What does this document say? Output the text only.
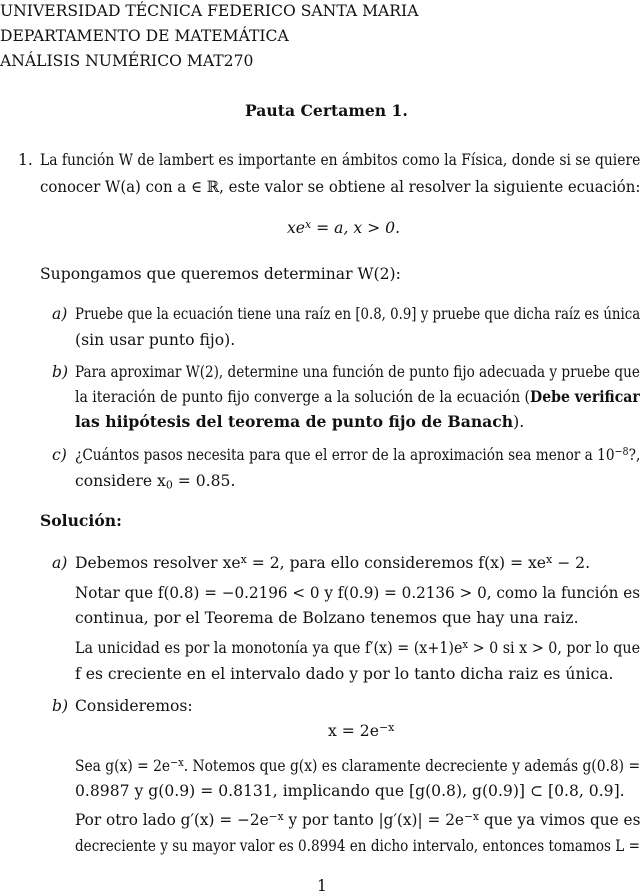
UNIVERSIDAD TÉCNICA FEDERICO SANTA MARIA
DEPARTAMENTO DE MATEMÁTICA
ANÁLISIS NUMÉRICO MAT270
Pauta Certamen 1.
1. La función W de lambert es importante en ámbitos como la Física, donde si se quiere
conocer W(a) con a ∈ ℝ, este valor se obtiene al resolver la siguiente ecuación:
$xe^x = a$, x > 0.
Supongamos que queremos determinar W(2):
a) Pruebe que la ecuación tiene una raíz en [0.8, 0.9] y pruebe que dicha raíz es única
(sin usar punto fijo).
b) Para aproximar W(2), determine una función de punto fijo adecuada y pruebe que
la iteración de punto fijo converge a la solución de la ecuación (Debe verificar
las hiipótesis del teorema de punto fijo de Banach).
c) ¿Cuántos pasos necesita para que el error de la aproximación sea menor a $10^{-8}$?,
considere $x_0 = 0.85$.
Solución:
a) Debemos resolver $xe^x = 2$, para ello consideremos $f(x) = xe^x - 2$.
Notar que f(0.8) = −0.2196 < 0 y f(0.9) = 0.2136 > 0, como la función es
continua, por el Teorema de Bolzano tenemos que hay una raiz.
La unicidad es por la monotonía ya que $f'(x) = (x+1)e^x > 0$ si x > 0, por lo que
f es creciente en el intervalo dado y por lo tanto dicha raiz es única.
b) Consideremos:
$x = 2e^{-x}$
Sea $g(x) = 2e^{-x}$. Notemos que g(x) es claramente decreciente y además g(0.8) =
0.8987 y g(0.9) = 0.8131, implicando que [g(0.8), g(0.9)] ⊂ [0.8, 0.9].
Por otro lado $g'(x) = -2e^{-x}$ y por tanto $|g'(x)| = 2e^{-x}$ que ya vimos que es
decreciente y su mayor valor es 0.8994 en dicho intervalo, entonces tomamos L =
1
